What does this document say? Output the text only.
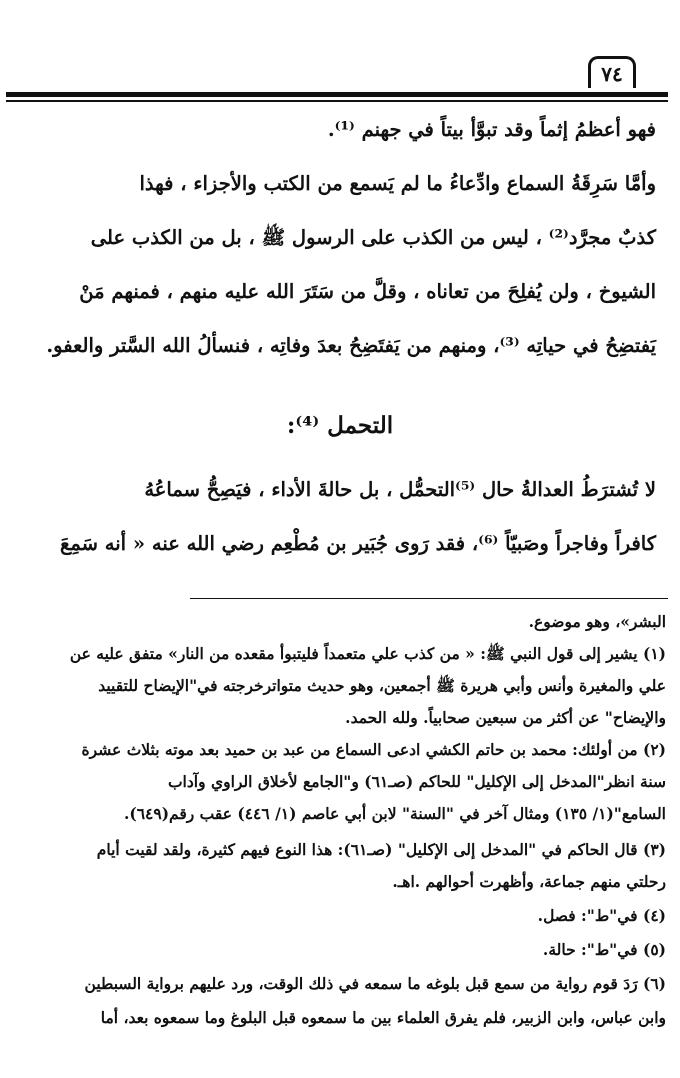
٧٤
فهو أعظمُ إثماً وقد تبوَّأ بيتاً في جهنم ⁽¹⁾.
وأمَّا سَرِقَةُ السماع وادِّعاءُ ما لم يَسمع من الكتب والأجزاء ، فهذا
كذبٌ مجرَّد⁽²⁾ ، ليس من الكذب على الرسول ﷺ ، بل من الكذب على
الشيوخ ، ولن يُفلِحَ من تعاناه ، وقلَّ من سَتَرَ الله عليه منهم ، فمنهم مَنْ
يَفتضِحُ في حياتِه ⁽³⁾، ومنهم من يَفتَضِحُ بعدَ وفاتِه ، فنسألُ الله السَّتر والعفو.
التحمل ⁽⁴⁾:
لا تُشترَطُ العدالةُ حال ⁽⁵⁾التحمُّل ، بل حالةَ الأداء ، فيَصِحُّ سماعُهُ
كافراً وفاجراً وصَبيّاً ⁽⁶⁾، فقد رَوى جُبَير بن مُطْعِم رضي الله عنه « أنه سَمِعَ
البشر»، وهو موضوع.
(١) يشير إلى قول النبي ﷺ: « من كذب علي متعمداً فليتبوأ مقعده من النار» متفق عليه عن
علي والمغيرة وأنس وأبي هريرة ﷺ أجمعين، وهو حديث متواترخرجته في"الإيضاح للتقييد
والإيضاح" عن أكثر من سبعين صحابياً. ولله الحمد.
(٢) من أولئك: محمد بن حاتم الكشي ادعى السماع من عبد بن حميد بعد موته بثلاث عشرة
سنة انظر"المدخل إلى الإكليل" للحاكم (صـ٦١) و"الجامع لأخلاق الراوي وآداب
السامع"(١/ ١٣٥) ومثال آخر في "السنة" لابن أبي عاصم (١/ ٤٤٦) عقب رقم(٦٤٩).
(٣) قال الحاكم في "المدخل إلى الإكليل" (صـ٦١): هذا النوع فيهم كثيرة، ولقد لقيت أيام
رحلتي منهم جماعة، وأظهرت أحوالهم .اهـ.
(٤) في"ط": فصل.
(٥) في"ط": حالة.
(٦) رَدَ قوم رواية من سمع قبل بلوغه ما سمعه في ذلك الوقت، ورد عليهم برواية السبطين
وابن عباس، وابن الزبير، فلم يفرق العلماء بين ما سمعوه قبل البلوغ وما سمعوه بعد، أما
